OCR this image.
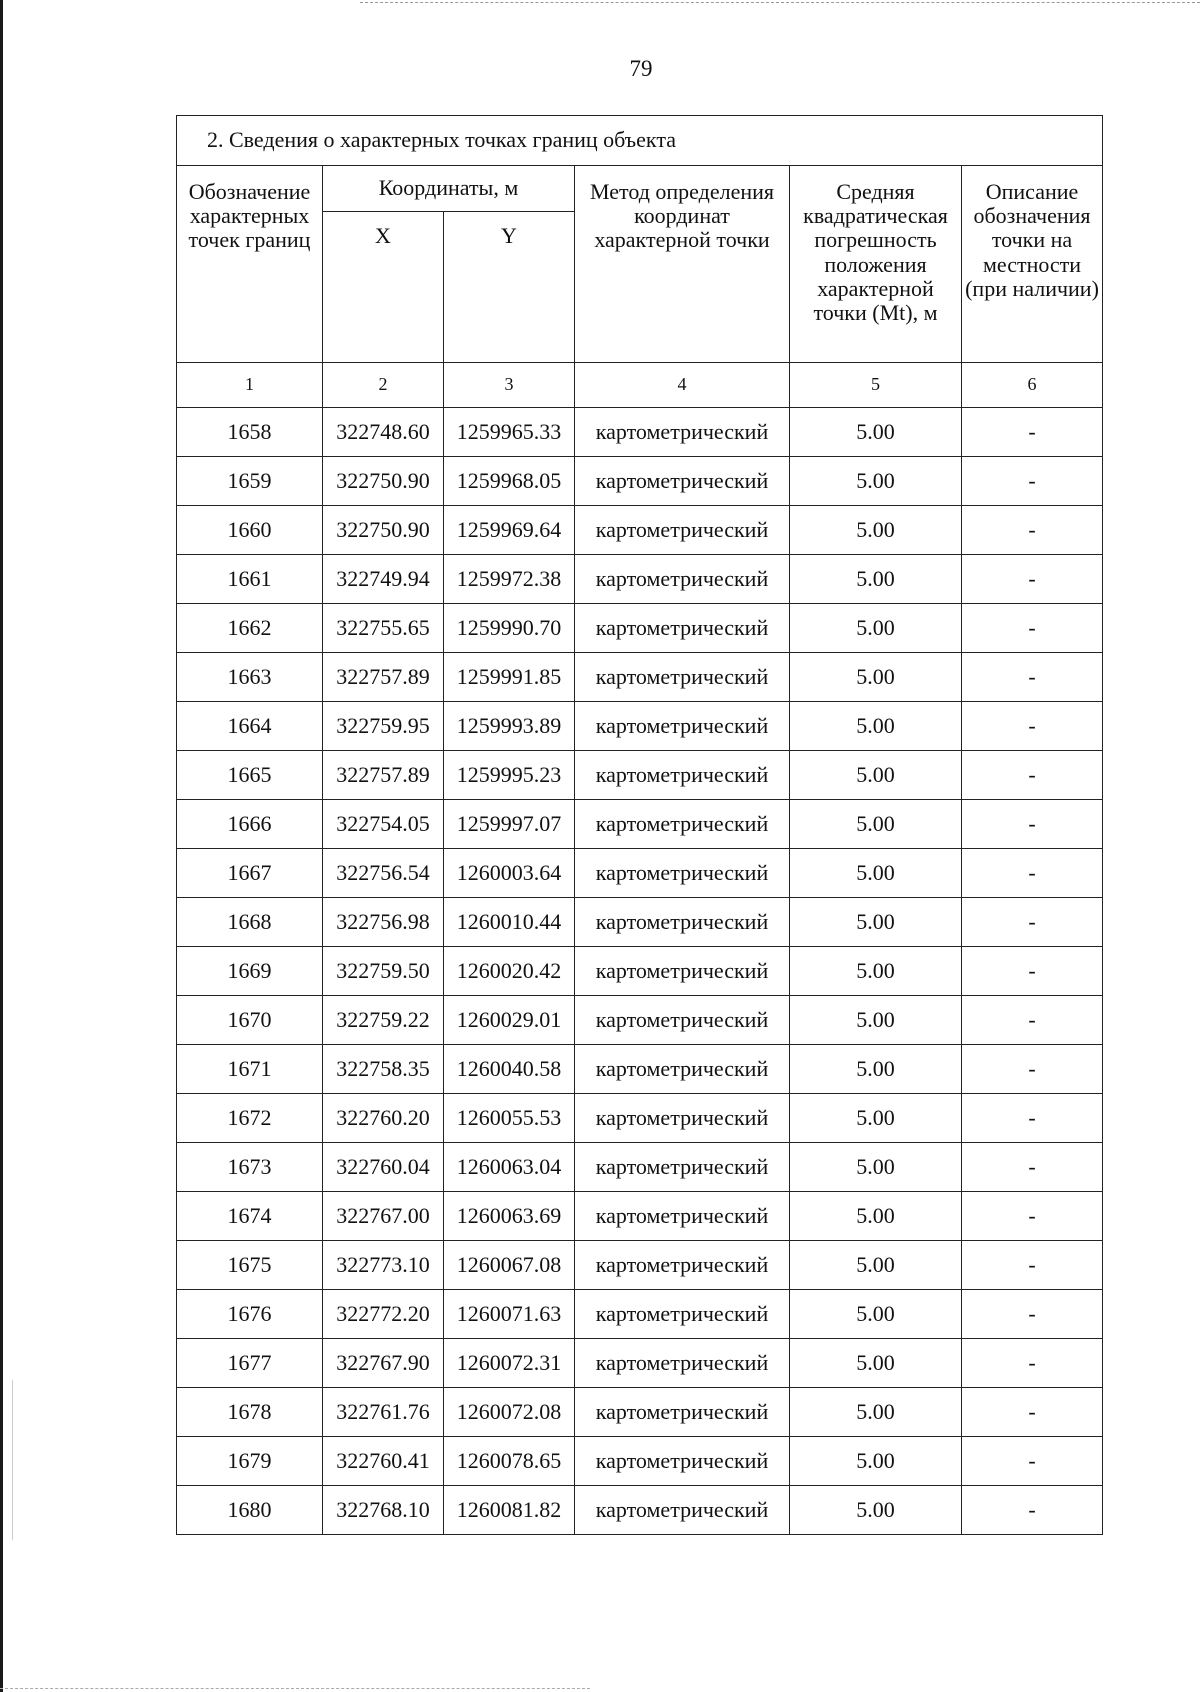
79
2. Сведения о характерных точках границ объекта					
Обозначение характерных точек границ	Координаты, м		Метод определения координат характерной точки	Средняя квадратическая погрешность положения характерной точки (Mt), м	Описание обозначения точки на местности (при наличии)
	X	Y			
1	2	3	4	5	6
1658	322748.60	1259965.33	картометрический	5.00	-
1659	322750.90	1259968.05	картометрический	5.00	-
1660	322750.90	1259969.64	картометрический	5.00	-
1661	322749.94	1259972.38	картометрический	5.00	-
1662	322755.65	1259990.70	картометрический	5.00	-
1663	322757.89	1259991.85	картометрический	5.00	-
1664	322759.95	1259993.89	картометрический	5.00	-
1665	322757.89	1259995.23	картометрический	5.00	-
1666	322754.05	1259997.07	картометрический	5.00	-
1667	322756.54	1260003.64	картометрический	5.00	-
1668	322756.98	1260010.44	картометрический	5.00	-
1669	322759.50	1260020.42	картометрический	5.00	-
1670	322759.22	1260029.01	картометрический	5.00	-
1671	322758.35	1260040.58	картометрический	5.00	-
1672	322760.20	1260055.53	картометрический	5.00	-
1673	322760.04	1260063.04	картометрический	5.00	-
1674	322767.00	1260063.69	картометрический	5.00	-
1675	322773.10	1260067.08	картометрический	5.00	-
1676	322772.20	1260071.63	картометрический	5.00	-
1677	322767.90	1260072.31	картометрический	5.00	-
1678	322761.76	1260072.08	картометрический	5.00	-
1679	322760.41	1260078.65	картометрический	5.00	-
1680	322768.10	1260081.82	картометрический	5.00	-
